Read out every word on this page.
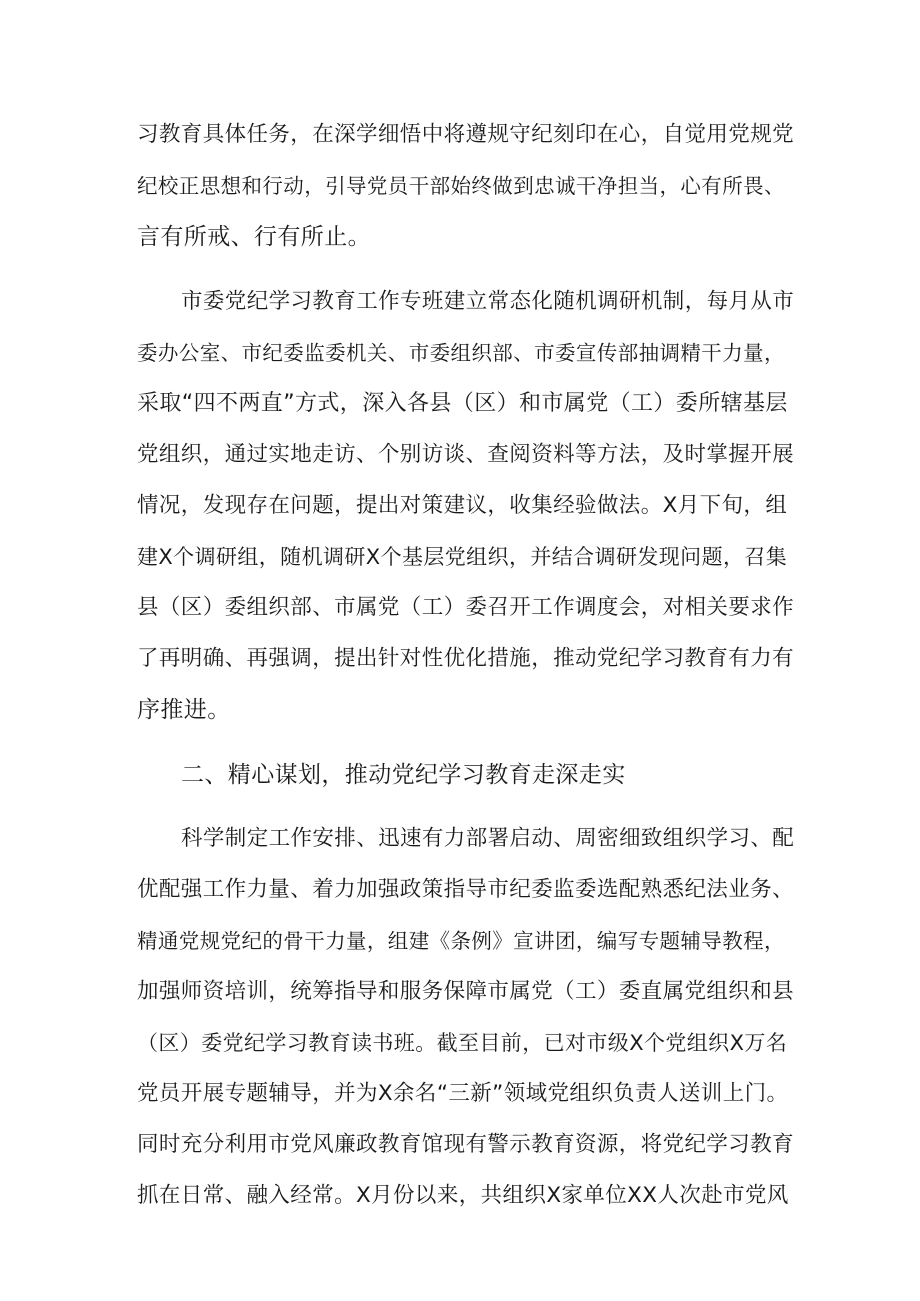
习教育具体任务，在深学细悟中将遵规守纪刻印在心，自觉用党规党
纪校正思想和行动，引导党员干部始终做到忠诚干净担当，心有所畏、
言有所戒、行有所止。
市委党纪学习教育工作专班建立常态化随机调研机制，每月从市
委办公室、市纪委监委机关、市委组织部、市委宣传部抽调精干力量，
采取“四不两直”方式，深入各县（区）和市属党（工）委所辖基层
党组织，通过实地走访、个别访谈、查阅资料等方法，及时掌握开展
情况，发现存在问题，提出对策建议，收集经验做法。X月下旬，组
建X个调研组，随机调研X个基层党组织，并结合调研发现问题，召集
县（区）委组织部、市属党（工）委召开工作调度会，对相关要求作
了再明确、再强调，提出针对性优化措施，推动党纪学习教育有力有
序推进。
二、精心谋划，推动党纪学习教育走深走实
科学制定工作安排、迅速有力部署启动、周密细致组织学习、配
优配强工作力量、着力加强政策指导市纪委监委选配熟悉纪法业务、
精通党规党纪的骨干力量，组建《条例》宣讲团，编写专题辅导教程，
加强师资培训，统筹指导和服务保障市属党（工）委直属党组织和县
（区）委党纪学习教育读书班。截至目前，已对市级X个党组织X万名
党员开展专题辅导，并为X余名“三新”领域党组织负责人送训上门。
同时充分利用市党风廉政教育馆现有警示教育资源，将党纪学习教育
抓在日常、融入经常。X月份以来，共组织X家单位XX人次赴市党风
